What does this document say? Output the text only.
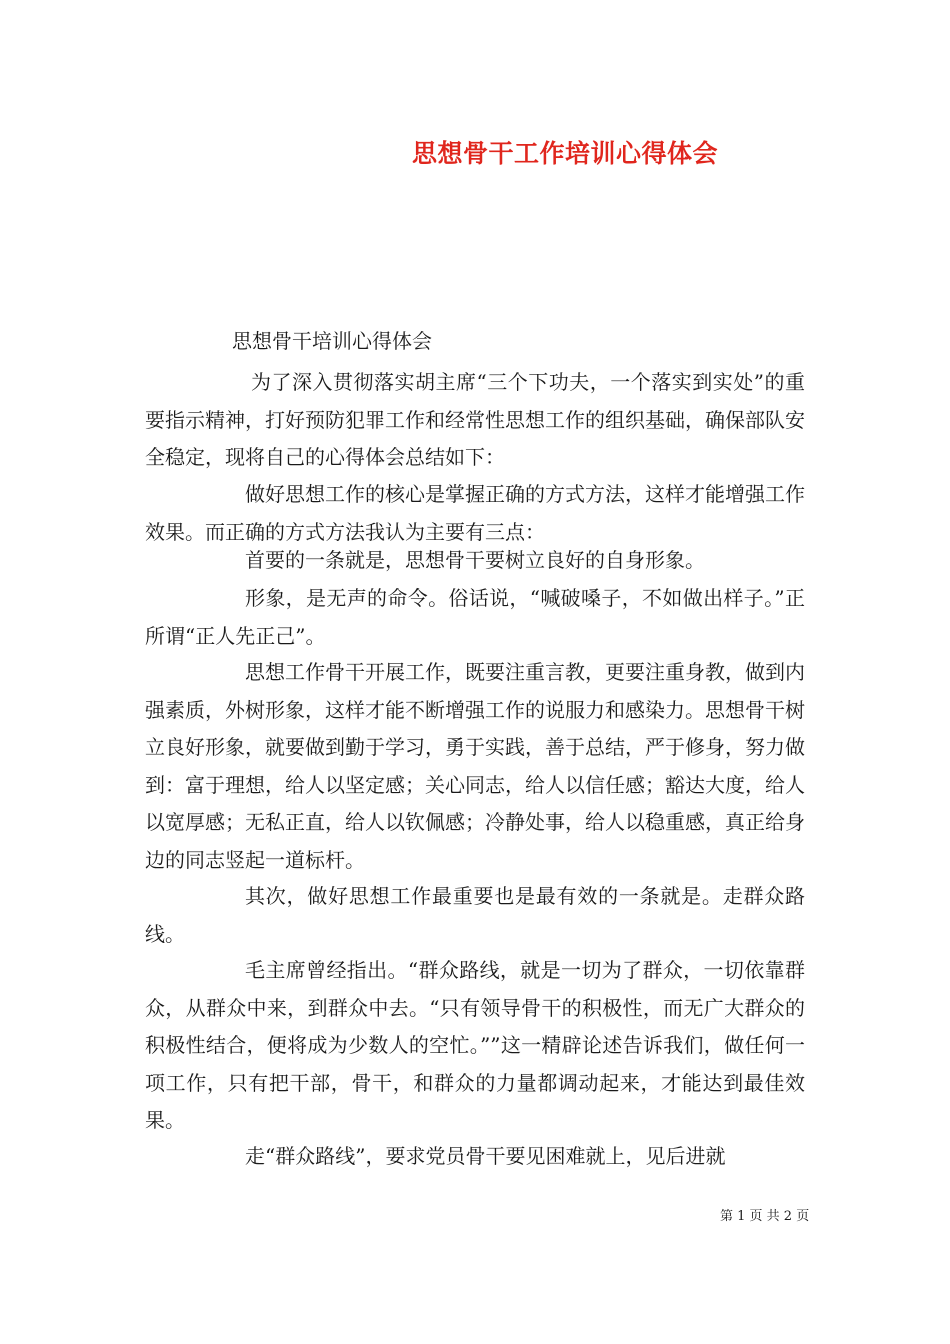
思想骨干工作培训心得体会
思想骨干培训心得体会

为了深入贯彻落实胡主席“三个下功夫，一个落实到实处”的重要指示精神，打好预防犯罪工作和经常性思想工作的组织基础，确保部队安全稳定，现将自己的心得体会总结如下：

做好思想工作的核心是掌握正确的方式方法，这样才能增强工作效果。而正确的方式方法我认为主要有三点：

首要的一条就是，思想骨干要树立良好的自身形象。

形象，是无声的命令。俗话说，“喊破嗓子，不如做出样子。”正所谓“正人先正己”。

思想工作骨干开展工作，既要注重言教，更要注重身教，做到内强素质，外树形象，这样才能不断增强工作的说服力和感染力。思想骨干树立良好形象，就要做到勤于学习，勇于实践，善于总结，严于修身，努力做到：富于理想，给人以坚定感；关心同志，给人以信任感；豁达大度，给人以宽厚感；无私正直，给人以钦佩感；冷静处事，给人以稳重感，真正给身边的同志竖起一道标杆。

其次，做好思想工作最重要也是最有效的一条就是。走群众路线。

毛主席曾经指出。“群众路线，就是一切为了群众，一切依靠群众，从群众中来，到群众中去。“只有领导骨干的积极性，而无广大群众的积极性结合，便将成为少数人的空忙。””这一精辟论述告诉我们，做任何一项工作，只有把干部，骨干，和群众的力量都调动起来，才能达到最佳效果。

走“群众路线”，要求党员骨干要见困难就上，见后进就

第 1 页 共 2 页
